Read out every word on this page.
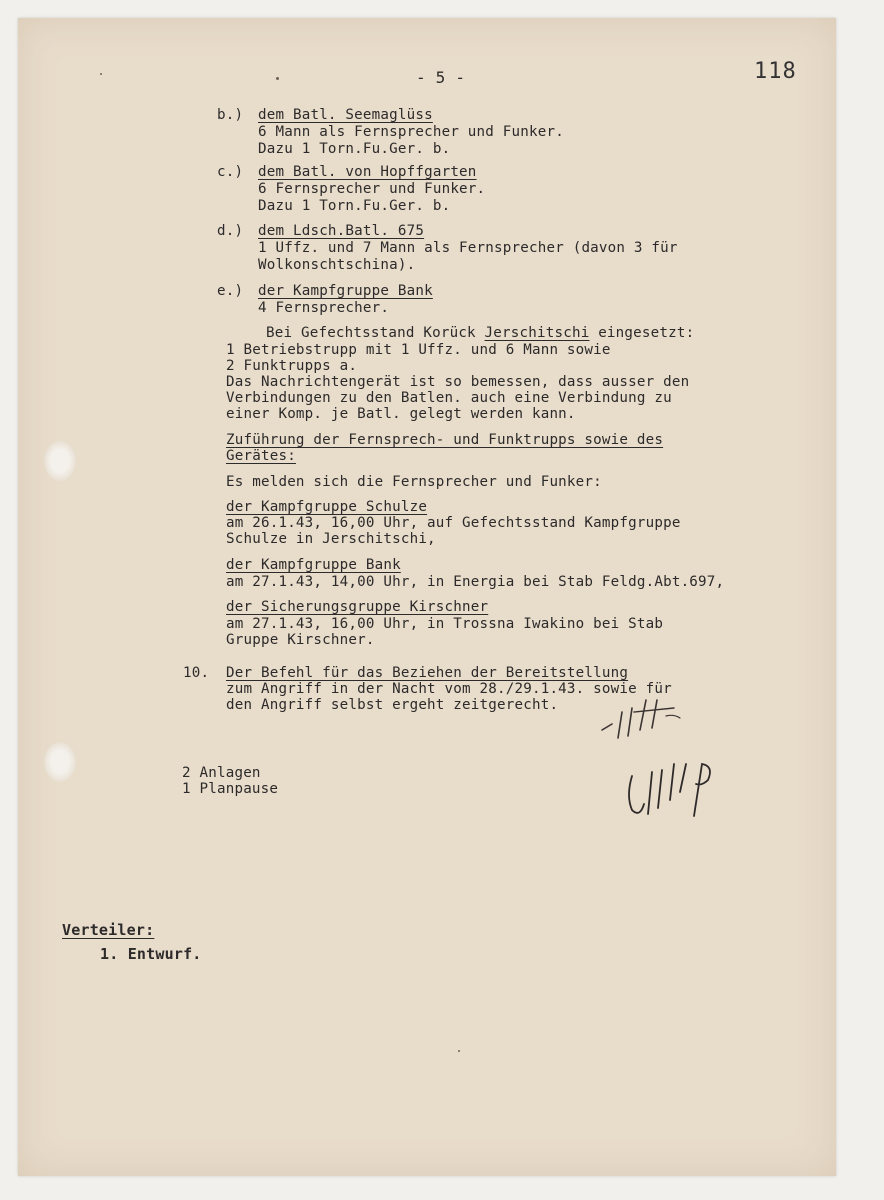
- 5 -	118
b.) dem Batl. Seemaglüss
6 Mann als Fernsprecher und Funker.
Dazu 1 Torn.Fu.Ger. b.
c.) dem Batl. von Hopffgarten
6 Fernsprecher und Funker.
Dazu 1 Torn.Fu.Ger. b.
d.) dem Ldsch.Batl. 675
1 Uffz. und 7 Mann als Fernsprecher (davon 3 für
Wolkonschtschina).
e.) der Kampfgruppe Bank
4 Fernsprecher.
Bei Gefechtsstand Korück Jerschitschi eingesetzt:
1 Betriebstrupp mit 1 Uffz. und 6 Mann sowie
2 Funktrupps a.
Das Nachrichtengerät ist so bemessen, dass ausser den
Verbindungen zu den Batlen. auch eine Verbindung zu
einer Komp. je Batl. gelegt werden kann.
Zuführung der Fernsprech- und Funktrupps sowie des
Gerätes:
Es melden sich die Fernsprecher und Funker:
der Kampfgruppe Schulze
am 26.1.43, 16,00 Uhr, auf Gefechtsstand Kampfgruppe
Schulze in Jerschitschi,
der Kampfgruppe Bank
am 27.1.43, 14,00 Uhr, in Energia bei Stab Feldg.Abt.697,
der Sicherungsgruppe Kirschner
am 27.1.43, 16,00 Uhr, in Trossna Iwakino bei Stab
Gruppe Kirschner.
10. Der Befehl für das Beziehen der Bereitstellung
zum Angriff in der Nacht vom 28./29.1.43. sowie für
den Angriff selbst ergeht zeitgerecht.
2 Anlagen
1 Planpause
Verteiler:
1. Entwurf.
